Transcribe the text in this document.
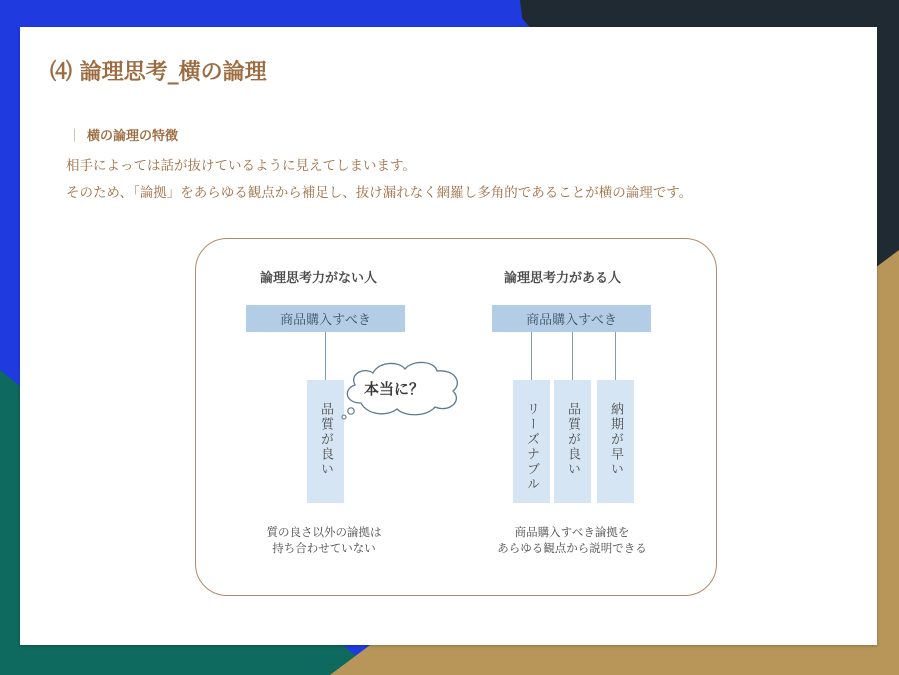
⑷ 論理思考_横の論理
｜ 横の論理の特徴
相手によっては話が抜けているように見えてしまいます。
そのため、「論拠」をあらゆる観点から補足し、抜け漏れなく網羅し多角的であることが横の論理です。
論理思考力がない人
商品購入すべき
品質が良い
本当に？
質の良さ以外の論拠は
持ち合わせていない
論理思考力がある人
商品購入すべき
リーズナブル 品質が良い 納期が早い
商品購入すべき論拠を
あらゆる観点から説明できる
